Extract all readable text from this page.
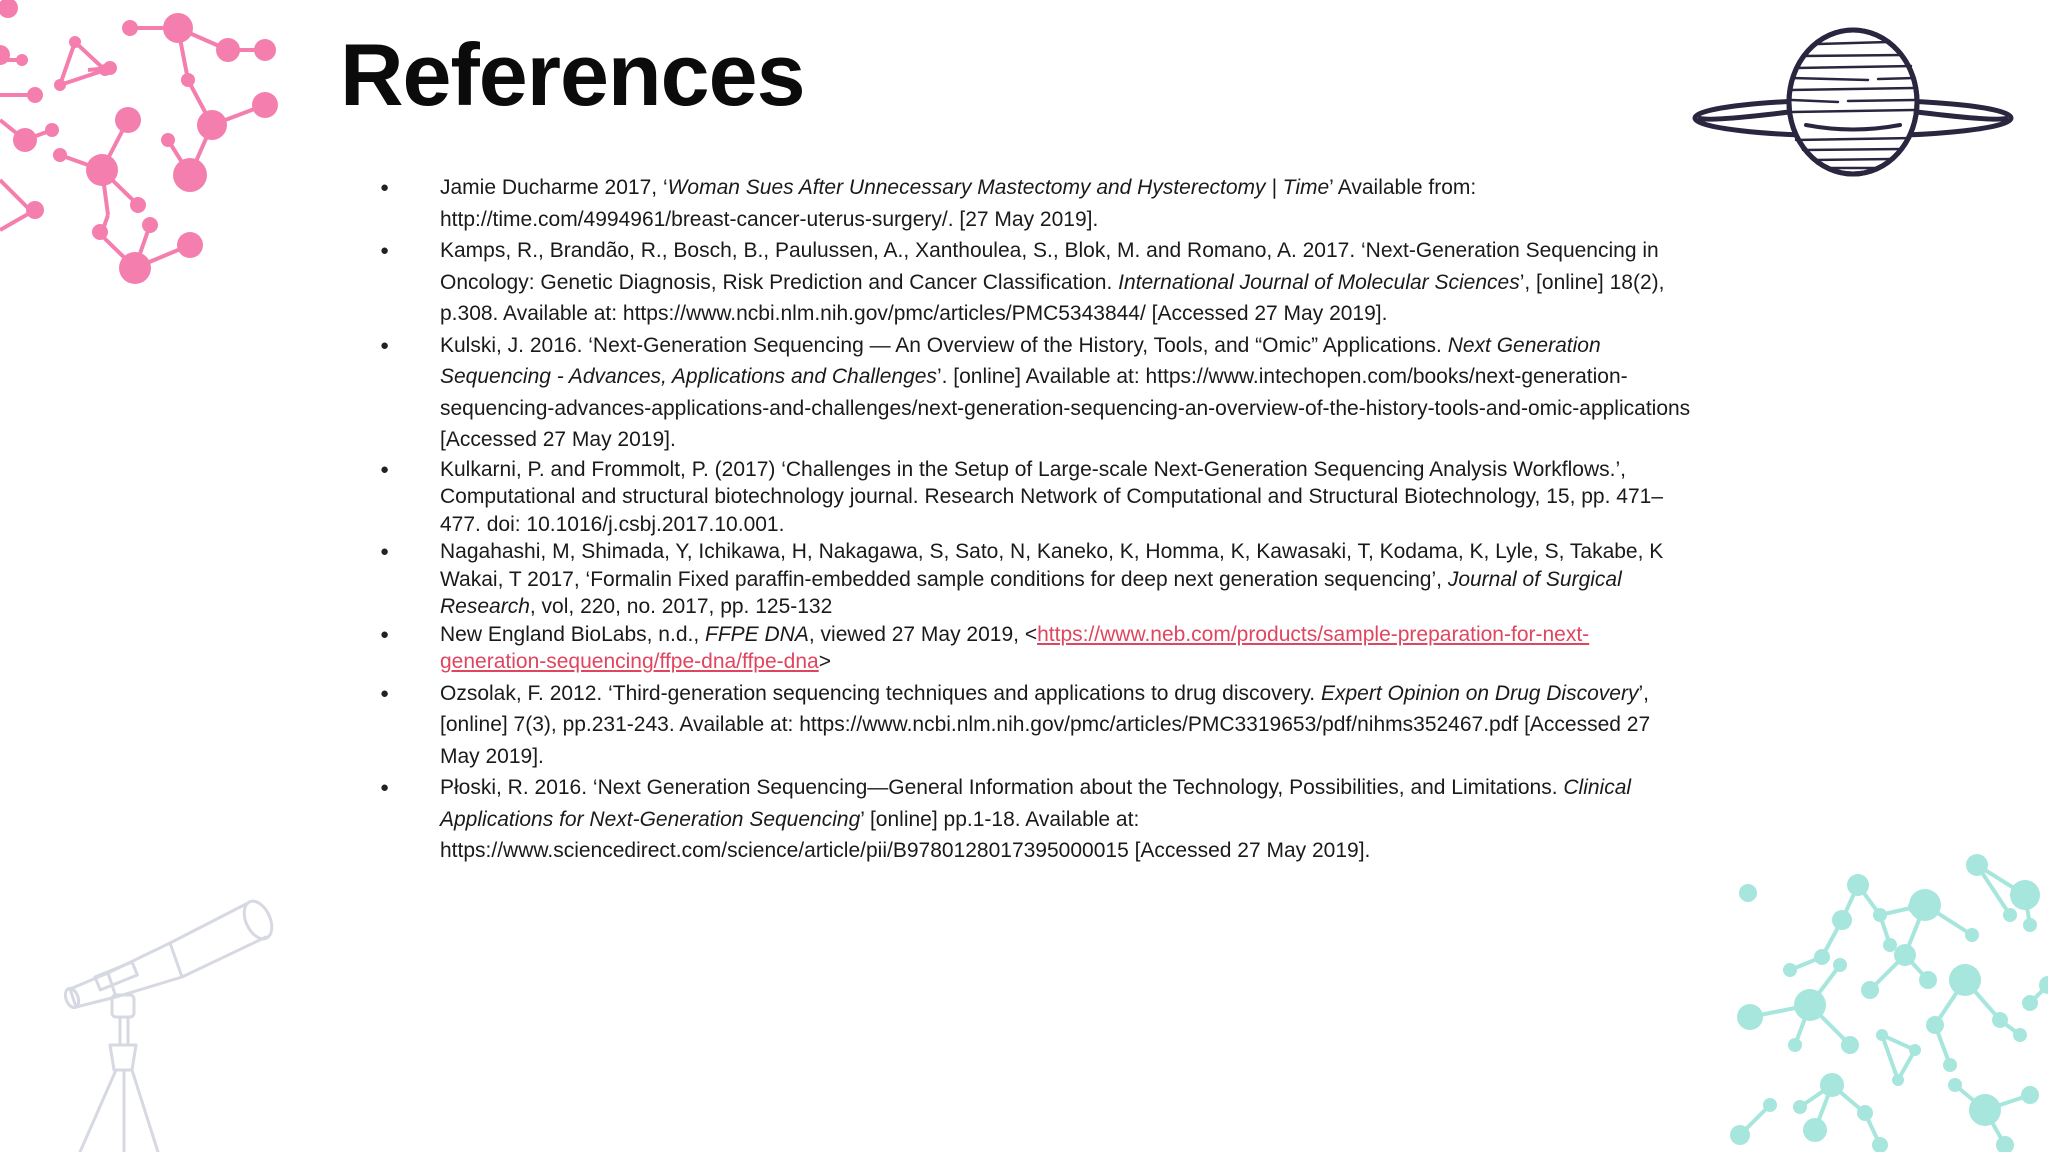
References
● Jamie Ducharme 2017, ‘Woman Sues After Unnecessary Mastectomy and Hysterectomy | Time’ Available from: http://time.com/4994961/breast-cancer-uterus-surgery/. [27 May 2019].
● Kamps, R., Brandão, R., Bosch, B., Paulussen, A., Xanthoulea, S., Blok, M. and Romano, A. 2017. ‘Next-Generation Sequencing in Oncology: Genetic Diagnosis, Risk Prediction and Cancer Classification. International Journal of Molecular Sciences’, [online] 18(2), p.308. Available at: https://www.ncbi.nlm.nih.gov/pmc/articles/PMC5343844/ [Accessed 27 May 2019].
● Kulski, J. 2016. ‘Next-Generation Sequencing — An Overview of the History, Tools, and “Omic” Applications. Next Generation Sequencing - Advances, Applications and Challenges’. [online] Available at: https://www.intechopen.com/books/next-generation-sequencing-advances-applications-and-challenges/next-generation-sequencing-an-overview-of-the-history-tools-and-omic-applications [Accessed 27 May 2019].
● Kulkarni, P. and Frommolt, P. (2017) ‘Challenges in the Setup of Large-scale Next-Generation Sequencing Analysis Workflows.’, Computational and structural biotechnology journal. Research Network of Computational and Structural Biotechnology, 15, pp. 471–477. doi: 10.1016/j.csbj.2017.10.001.
● Nagahashi, M, Shimada, Y, Ichikawa, H, Nakagawa, S, Sato, N, Kaneko, K, Homma, K, Kawasaki, T, Kodama, K, Lyle, S, Takabe, K Wakai, T 2017, ‘Formalin Fixed paraffin-embedded sample conditions for deep next generation sequencing’, Journal of Surgical Research, vol, 220, no. 2017, pp. 125-132
● New England BioLabs, n.d., FFPE DNA, viewed 27 May 2019, <https://www.neb.com/products/sample-preparation-for-next-generation-sequencing/ffpe-dna/ffpe-dna>
● Ozsolak, F. 2012. ‘Third-generation sequencing techniques and applications to drug discovery. Expert Opinion on Drug Discovery’, [online] 7(3), pp.231-243. Available at: https://www.ncbi.nlm.nih.gov/pmc/articles/PMC3319653/pdf/nihms352467.pdf [Accessed 27 May 2019].
● Płoski, R. 2016. ‘Next Generation Sequencing—General Information about the Technology, Possibilities, and Limitations. Clinical Applications for Next-Generation Sequencing’ [online] pp.1-18. Available at: https://www.sciencedirect.com/science/article/pii/B9780128017395000015 [Accessed 27 May 2019].
